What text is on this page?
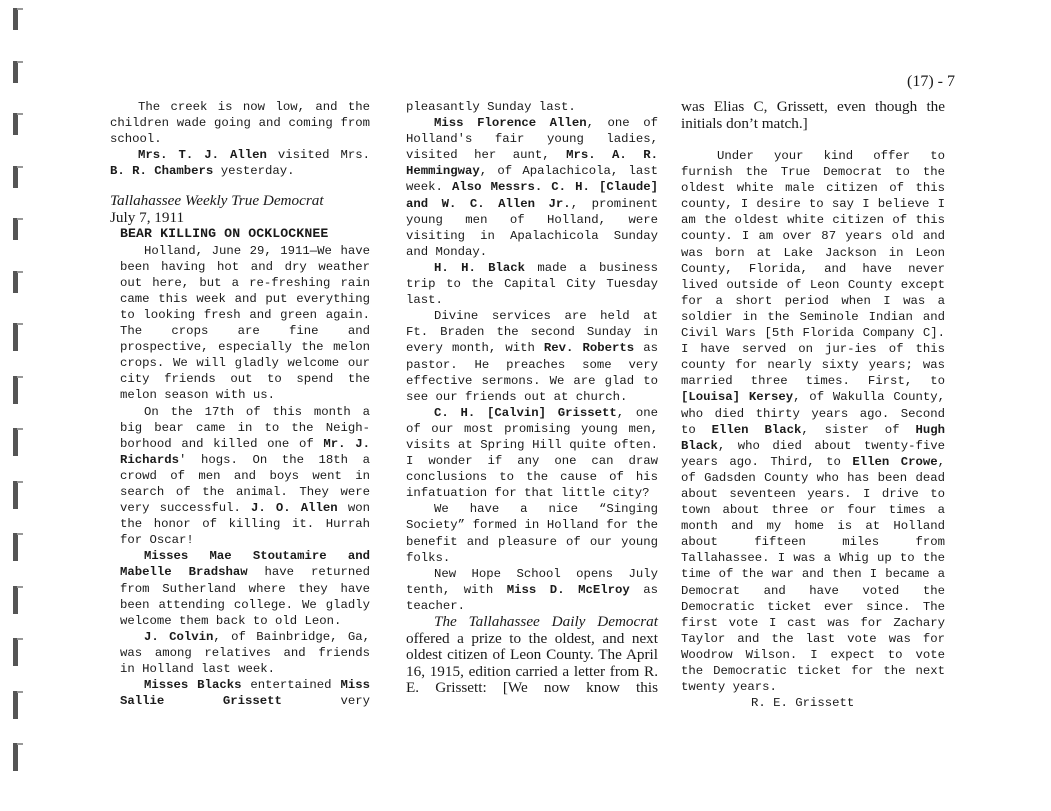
(17) - 7

The creek is now low, and the children wade going and coming from school.

Mrs. T. J. Allen visited Mrs. B. R. Chambers yesterday.

Tallahassee Weekly True Democrat
July 7, 1911
BEAR KILLING ON OCKLOCKNEE

Holland, June 29, 1911—We have been having hot and dry weather out here, but a re-freshing rain came this week and put everything to looking fresh and green again. The crops are fine and prospective, especially the melon crops. We will gladly welcome our city friends out to spend the melon season with us.

On the 17th of this month a big bear came in to the Neigh-borhood and killed one of Mr. J. Richards' hogs. On the 18th a crowd of men and boys went in search of the animal. They were very successful. J. O. Allen won the honor of killing it. Hurrah for Oscar!

Misses Mae Stoutamire and Mabelle Bradshaw have returned from Sutherland where they have been attending college. We gladly welcome them back to old Leon.

J. Colvin, of Bainbridge, Ga, was among relatives and friends in Holland last week.

Misses Blacks entertained Miss Sallie Grissett very

pleasantly Sunday last.

Miss Florence Allen, one of Holland's fair young ladies, visited her aunt, Mrs. A. R. Hemmingway, of Apalachicola, last week. Also Messrs. C. H. [Claude] and W. C. Allen Jr., prominent young men of Holland, were visiting in Apalachicola Sunday and Monday.

H. H. Black made a business trip to the Capital City Tuesday last.

Divine services are held at Ft. Braden the second Sunday in every month, with Rev. Roberts as pastor. He preaches some very effective sermons. We are glad to see our friends out at church.

C. H. [Calvin] Grissett, one of our most promising young men, visits at Spring Hill quite often. I wonder if any one can draw conclusions to the cause of his infatuation for that little city?

We have a nice “Singing Society” formed in Holland for the benefit and pleasure of our young folks.

New Hope School opens July tenth, with Miss D. McElroy as teacher.

The Tallahassee Daily Democrat offered a prize to the oldest, and next oldest citizen of Leon County. The April 16, 1915, edition carried a letter from R. E. Grissett: [We now know this

was Elias C, Grissett, even though the initials don’t match.]

Under your kind offer to furnish the True Democrat to the oldest white male citizen of this county, I desire to say I believe I am the oldest white citizen of this county. I am over 87 years old and was born at Lake Jackson in Leon County, Florida, and have never lived outside of Leon County except for a short period when I was a soldier in the Seminole Indian and Civil Wars [5th Florida Company C]. I have served on jur-ies of this county for nearly sixty years; was married three times. First, to [Louisa] Kersey, of Wakulla County, who died thirty years ago. Second to Ellen Black, sister of Hugh Black, who died about twenty-five years ago. Third, to Ellen Crowe, of Gadsden County who has been dead about seventeen years. I drive to town about three or four times a month and my home is at Holland about fifteen miles from Tallahassee. I was a Whig up to the time of the war and then I became a Democrat and have voted the Democratic ticket ever since. The first vote I cast was for Zachary Taylor and the last vote was for Woodrow Wilson. I expect to vote the Democratic ticket for the next twenty years.

R. E. Grissett
